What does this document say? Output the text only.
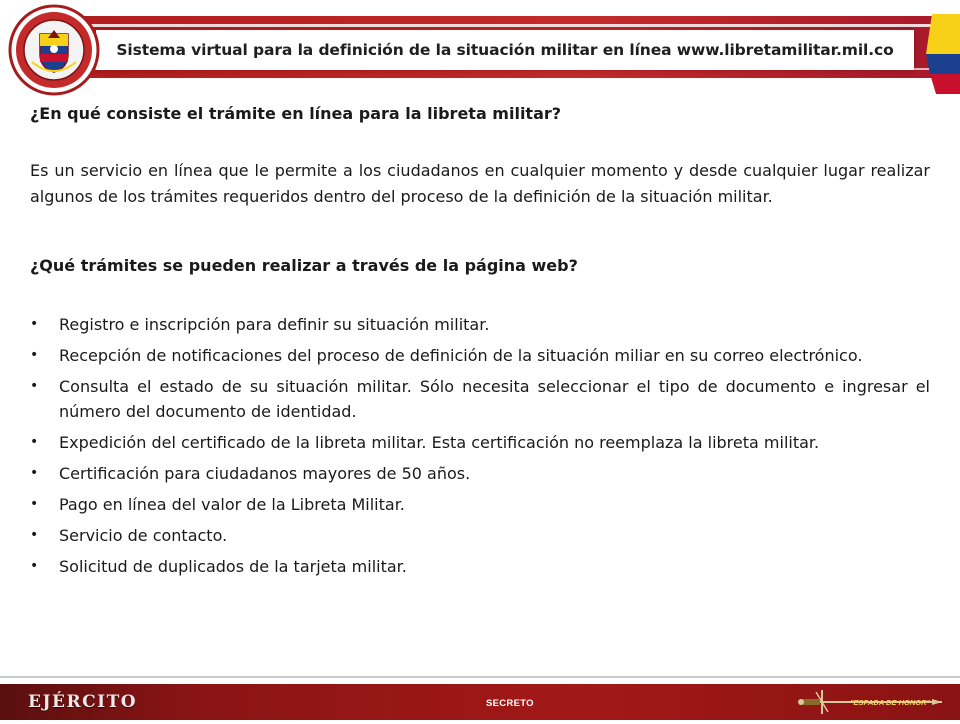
Sistema virtual para la definición de la situación militar en línea www.libretamilitar.mil.co

¿En qué consiste el trámite en línea para la libreta militar?

Es un servicio en línea que le permite a los ciudadanos en cualquier momento y desde cualquier lugar realizar algunos de los trámites requeridos dentro del proceso de la definición de la situación militar.

¿Qué trámites se pueden realizar a través de la página web?

• Registro e inscripción para definir su situación militar.
• Recepción de notificaciones del proceso de definición de la situación miliar en su correo electrónico.
• Consulta el estado de su situación militar. Sólo necesita seleccionar el tipo de documento e ingresar el número del documento de identidad.
• Expedición del certificado de la libreta militar. Esta certificación no reemplaza la libreta militar.
• Certificación para ciudadanos mayores de 50 años.
• Pago en línea del valor de la Libreta Militar.
• Servicio de contacto.
• Solicitud de duplicados de la tarjeta militar.
EJÉRCITO	SECRETO	"ESPADA DE HONOR"
